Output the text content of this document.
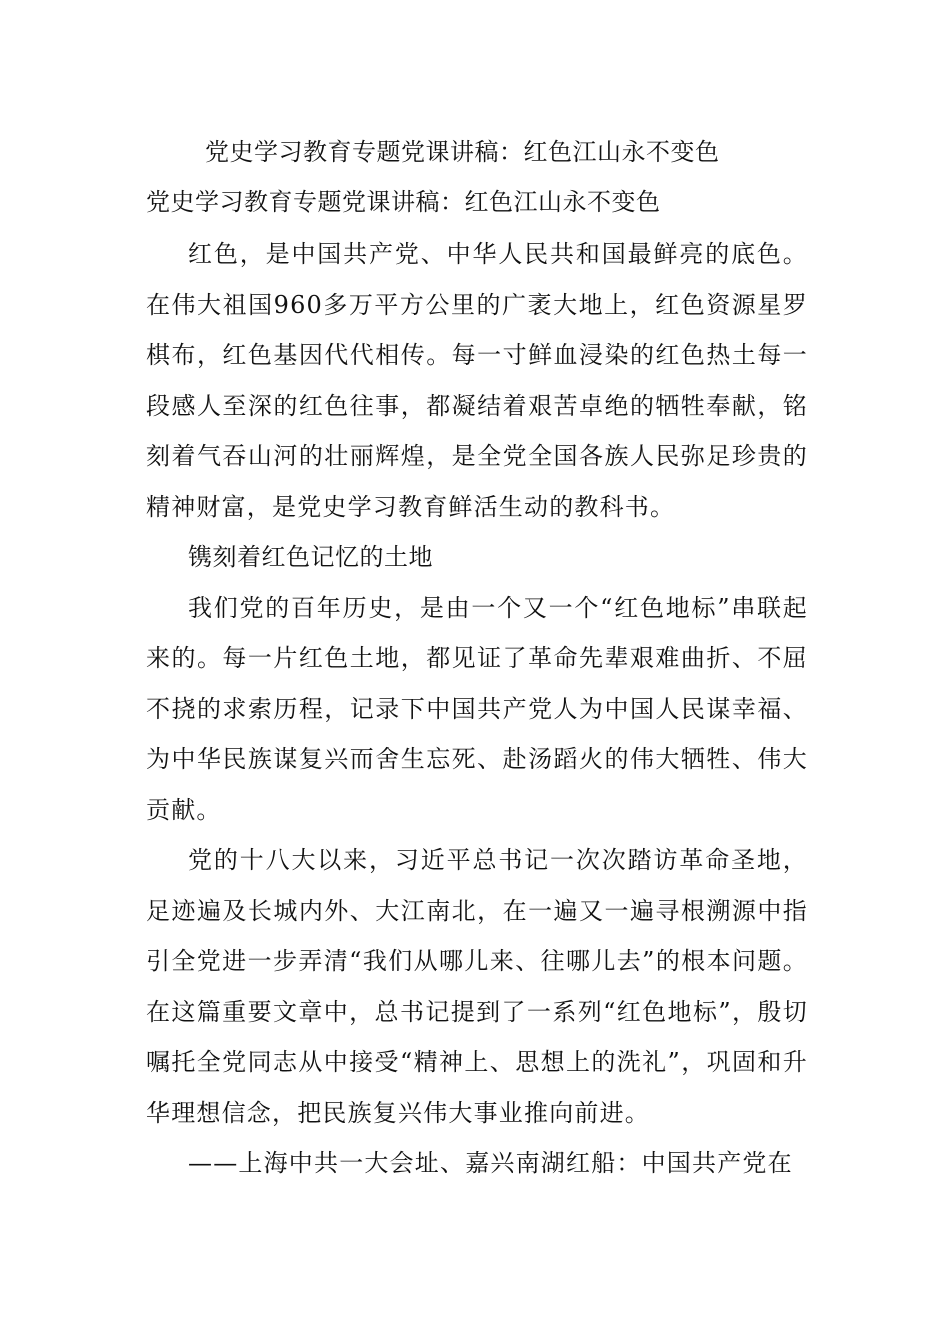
党史学习教育专题党课讲稿：红色江山永不变色
党史学习教育专题党课讲稿：红色江山永不变色

红色，是中国共产党、中华人民共和国最鲜亮的底色。在伟大祖国960多万平方公里的广袤大地上，红色资源星罗棋布，红色基因代代相传。每一寸鲜血浸染的红色热土每一段感人至深的红色往事，都凝结着艰苦卓绝的牺牲奉献，铭刻着气吞山河的壮丽辉煌，是全党全国各族人民弥足珍贵的精神财富，是党史学习教育鲜活生动的教科书。

镌刻着红色记忆的土地

我们党的百年历史，是由一个又一个“红色地标”串联起来的。每一片红色土地，都见证了革命先辈艰难曲折、不屈不挠的求索历程，记录下中国共产党人为中国人民谋幸福、为中华民族谋复兴而舍生忘死、赴汤蹈火的伟大牺牲、伟大贡献。

党的十八大以来，习近平总书记一次次踏访革命圣地，足迹遍及长城内外、大江南北，在一遍又一遍寻根溯源中指引全党进一步弄清“我们从哪儿来、往哪儿去”的根本问题。在这篇重要文章中，总书记提到了一系列“红色地标”，殷切嘱托全党同志从中接受“精神上、思想上的洗礼”，巩固和升华理想信念，把民族复兴伟大事业推向前进。

——上海中共一大会址、嘉兴南湖红船：中国共产党在
